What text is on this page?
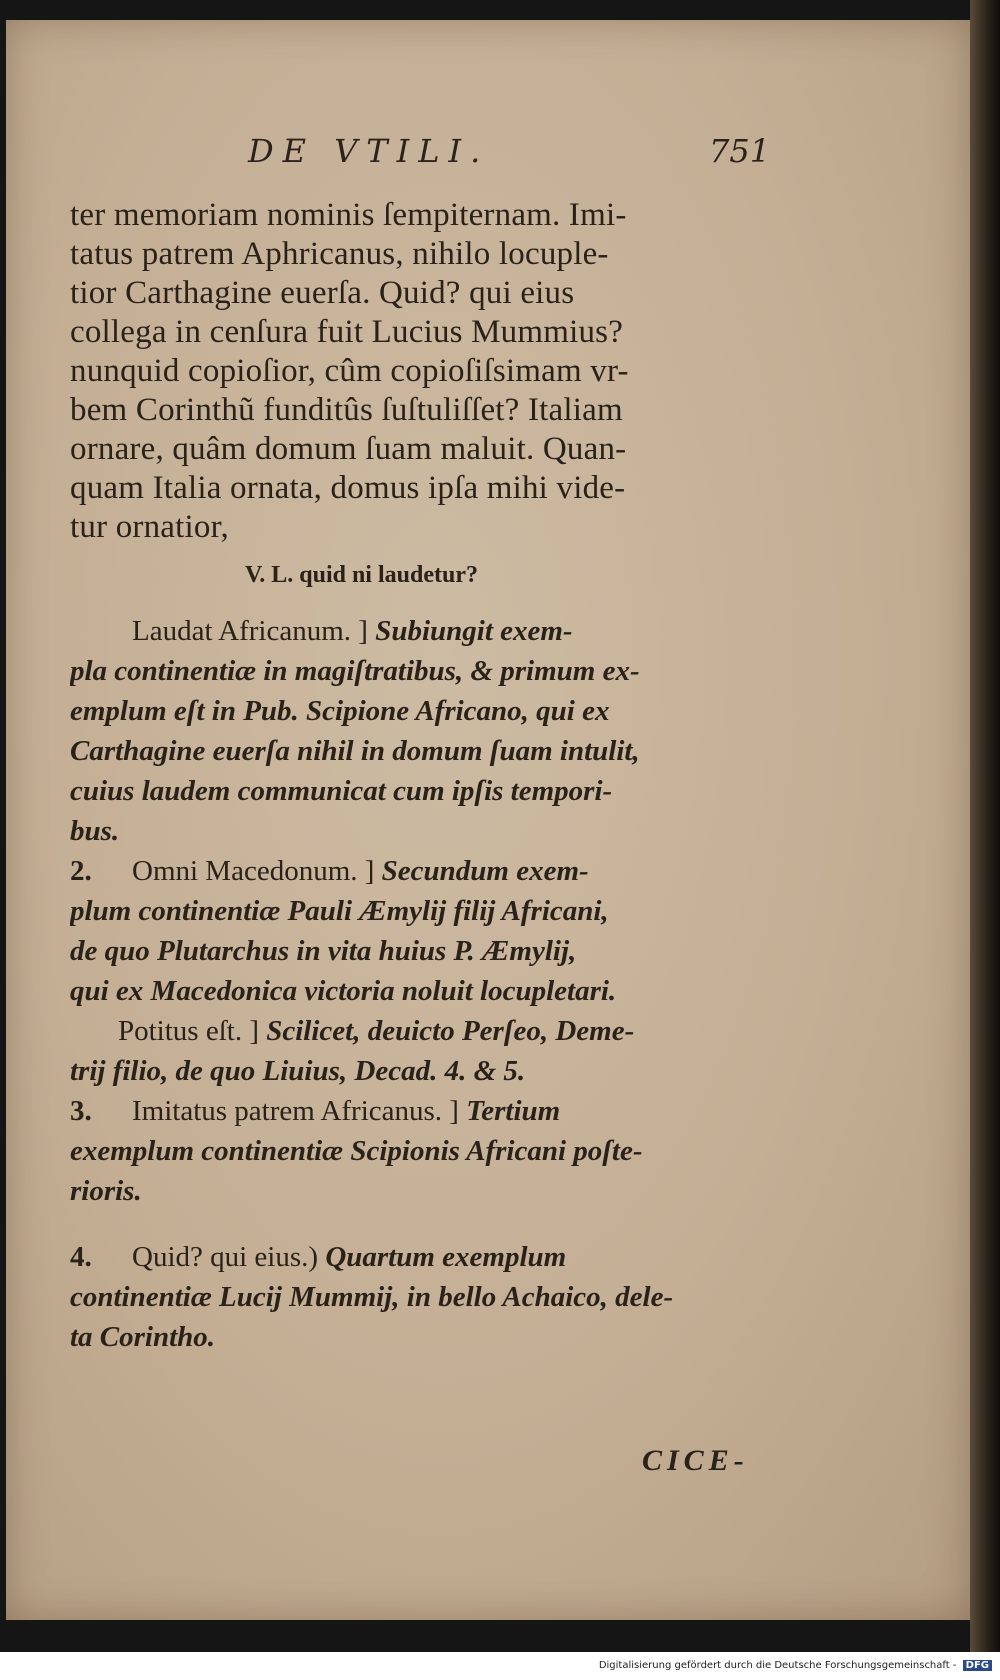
DE VTILI.	751
ter memoriam nominis ſempiternam. Imi-
tatus patrem Aphricanus, nihilo locuple-
tior Carthagine euerſa. Quid? qui eius
collega in cenſura fuit Lucius Mummius?
nunquid copioſior, cûm copioſiſsimam vr-
bem Corinthũ funditûs ſuſtuliſſet? Italiam
ornare, quâm domum ſuam maluit. Quan-
quam Italia ornata, domus ipſa mihi vide-
tur ornatior,
V. L. quid ni laudetur?
Laudat Africanum. ] Subiungit exem-
pla continentiæ in magiſtratibus, & primum ex-
emplum eſt in Pub. Scipione Africano, qui ex
Carthagine euerſa nihil in domum ſuam intulit,
cuius laudem communicat cum ipſis tempori-
bus.
2. Omni Macedonum. ] Secundum exem-
plum continentiæ Pauli Æmylij filij Africani,
de quo Plutarchus in vita huius P. Æmylij,
qui ex Macedonica victoria noluit locupletari.
Potitus eſt. ] Scilicet, deuicto Perſeo, Deme-
trij filio, de quo Liuius, Decad. 4. & 5.
3. Imitatus patrem Africanus. ] Tertium
exemplum continentiæ Scipionis Africani poſte-
rioris.
4. Quid? qui eius.) Quartum exemplum
continentiæ Lucij Mummij, in bello Achaico, dele-
ta Corintho.
CICE-
Digitalisierung gefördert durch die Deutsche Forschungsgemeinschaft - DFG
